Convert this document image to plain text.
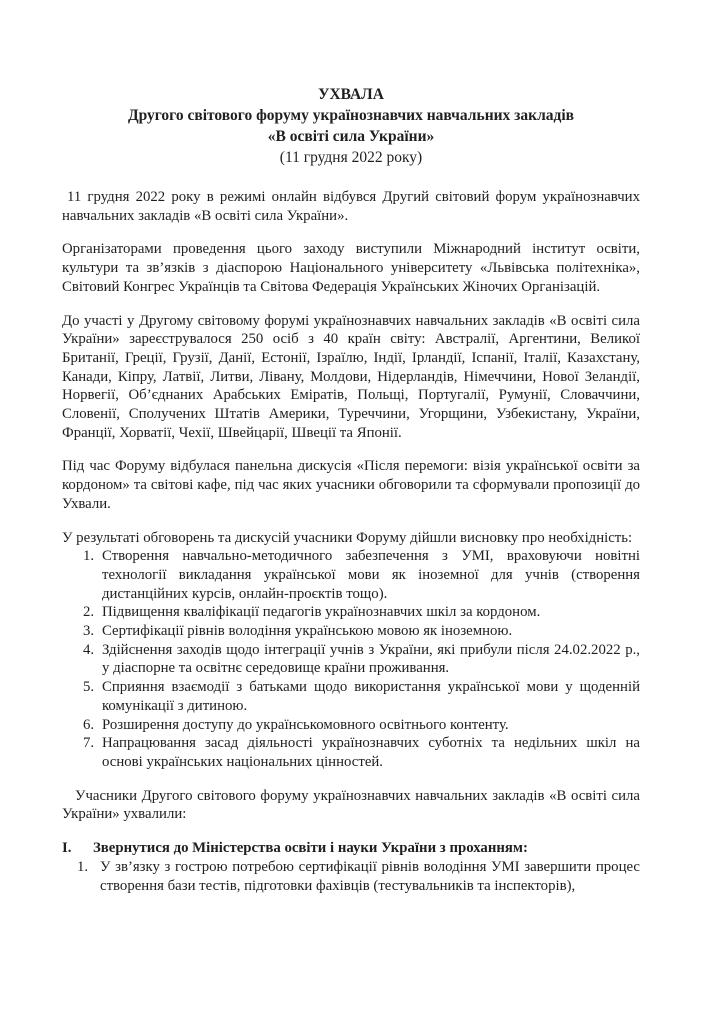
УХВАЛА
Другого світового форуму українознавчих навчальних закладів
«В освіті сила України»
(11 грудня 2022 року)

11 грудня 2022 року в режимі онлайн відбувся Другий світовий форум українознавчих навчальних закладів «В освіті сила України».

Організаторами проведення цього заходу виступили Міжнародний інститут освіти, культури та зв’язків з діаспорою Національного університету «Львівська політехніка», Світовий Конгрес Українців та Світова Федерація Українських Жіночих Організацій.

До участі у Другому світовому форумі українознавчих навчальних закладів «В освіті сила України» зареєструвалося 250 осіб з 40 країн світу: Австралії, Аргентини, Великої Британії, Греції, Грузії, Данії, Естонії, Ізраїлю, Індії, Ірландії, Іспанії, Італії, Казахстану, Канади, Кіпру, Латвії, Литви, Лівану, Молдови, Нідерландів, Німеччини, Нової Зеландії, Норвегії, Об’єднаних Арабських Еміратів, Польщі, Португалії, Румунії, Словаччини, Словенії, Сполучених Штатів Америки, Туреччини, Угорщини, Узбекистану, України, Франції, Хорватії, Чехії, Швейцарії, Швеції та Японії.

Під час Форуму відбулася панельна дискусія «Після перемоги: візія української освіти за кордоном» та світові кафе, під час яких учасники обговорили та сформували пропозиції до Ухвали.

У результаті обговорень та дискусій учасники Форуму дійшли висновку про необхідність:

1. Створення навчально-методичного забезпечення з УМІ, враховуючи новітні технології викладання української мови як іноземної для учнів (створення дистанційних курсів, онлайн-проєктів тощо).
2. Підвищення кваліфікації педагогів українознавчих шкіл за кордоном.
3. Сертифікації рівнів володіння українською мовою як іноземною.
4. Здійснення заходів щодо інтеграції учнів з України, які прибули після 24.02.2022 р., у діаспорне та освітнє середовище країни проживання.
5. Сприяння взаємодії з батьками щодо використання української мови у щоденній комунікації з дитиною.
6. Розширення доступу до українськомовного освітнього контенту.
7. Напрацювання засад діяльності українознавчих суботніх та недільних шкіл на основі українських національних цінностей.

Учасники Другого світового форуму українознавчих навчальних закладів «В освіті сила України» ухвалили:

I.	Звернутися до Міністерства освіти і науки України з проханням:
1. У зв’язку з гострою потребою сертифікації рівнів володіння УМІ завершити процес створення бази тестів, підготовки фахівців (тестувальників та інспекторів),
